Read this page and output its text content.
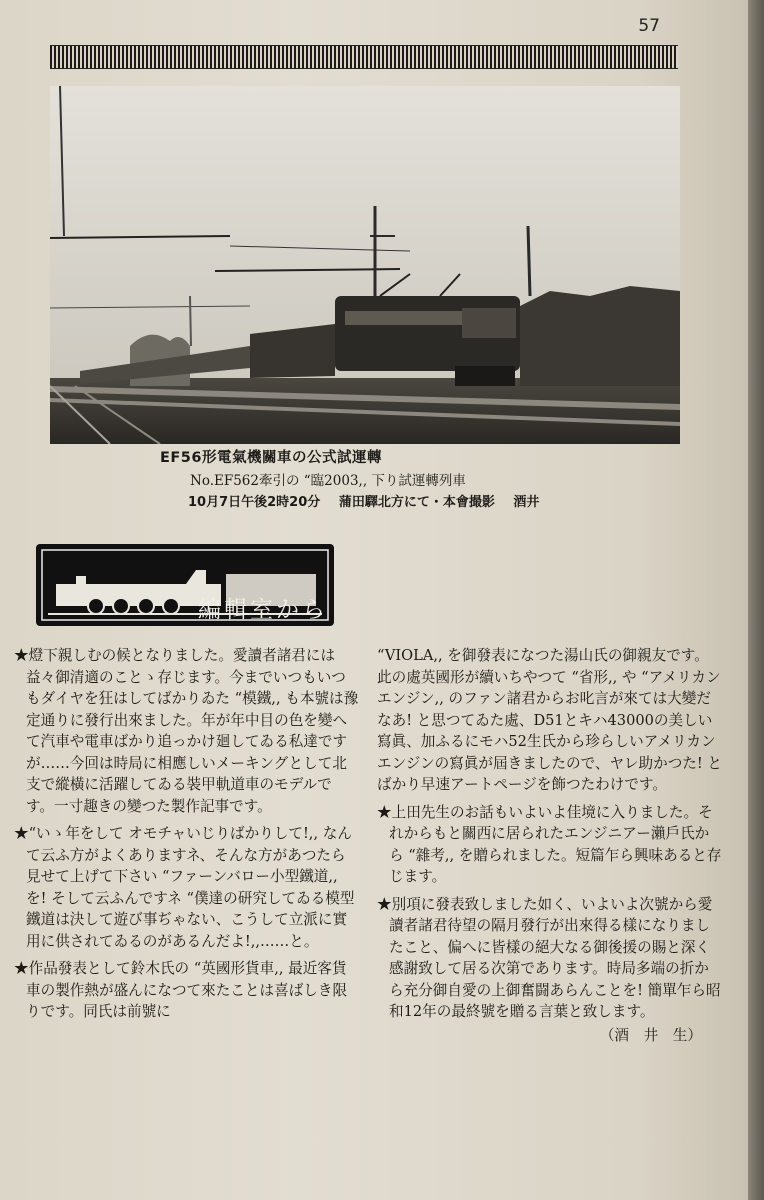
57
EF56形電氣機關車の公式試運轉
No.EF562牽引の “臨2003,, 下り試運轉列車
10月7日午後2時20分 蒲田驛北方にて・本會撮影 酒井
編輯室から

★燈下親しむの候となりました。愛讀者諸君には益々御清適のことゝ存じます。今までいつもいつもダイヤを狂はしてばかりゐた “模鐵,, も本號は豫定通りに發行出來ました。年が年中目の色を變へて汽車や電車ばかり追っかけ廻してゐる私達ですが……今回は時局に相應しいメーキングとして北支で縱橫に活躍してゐる裝甲軌道車のモデルです。一寸趣きの變つた製作記事です。

★“いゝ年をして オモチャいじりばかりして!,, なんて云ふ方がよくありますネ、そんな方があつたら見せて上げて下さい “ファーンバロー小型鐵道,, を! そして云ふんですネ “僕達の研究してゐる模型鐵道は決して遊び事ぢゃない、こうして立派に實用に供されてゐるのがあるんだよ!,,……と。

★作品發表として鈴木氏の “英國形貨車,, 最近客貨車の製作熱が盛んになつて來たことは喜ばしき限りです。同氏は前號に

“VIOLA,, を御發表になつた湯山氏の御親友です。此の處英國形が續いちやつて “省形,, や “アメリカン エンジン,, のファン諸君からお叱言が來ては大變だなあ! と思つてゐた處、D51とキハ43000の美しい寫眞、加ふるにモハ52生氏から珍らしいアメリカン エンジンの寫眞が屆きましたので、ヤレ助かつた! とばかり早速アートページを飾つたわけです。

★上田先生のお話もいよいよ佳境に入りました。それからもと關西に居られたエンジニアー瀨戶氏から “雜考,, を贈られました。短篇乍ら興味あると存じます。

★別項に發表致しました如く、いよいよ次號から愛讀者諸君待望の隔月發行が出來得る樣になりましたこと、偏へに皆樣の絕大なる御後援の賜と深く感謝致して居る次第であります。時局多端の折から充分御自愛の上御奮闘あらんことを! 簡單乍ら昭和12年の最終號を贈る言葉と致します。

（酒　井　生）
